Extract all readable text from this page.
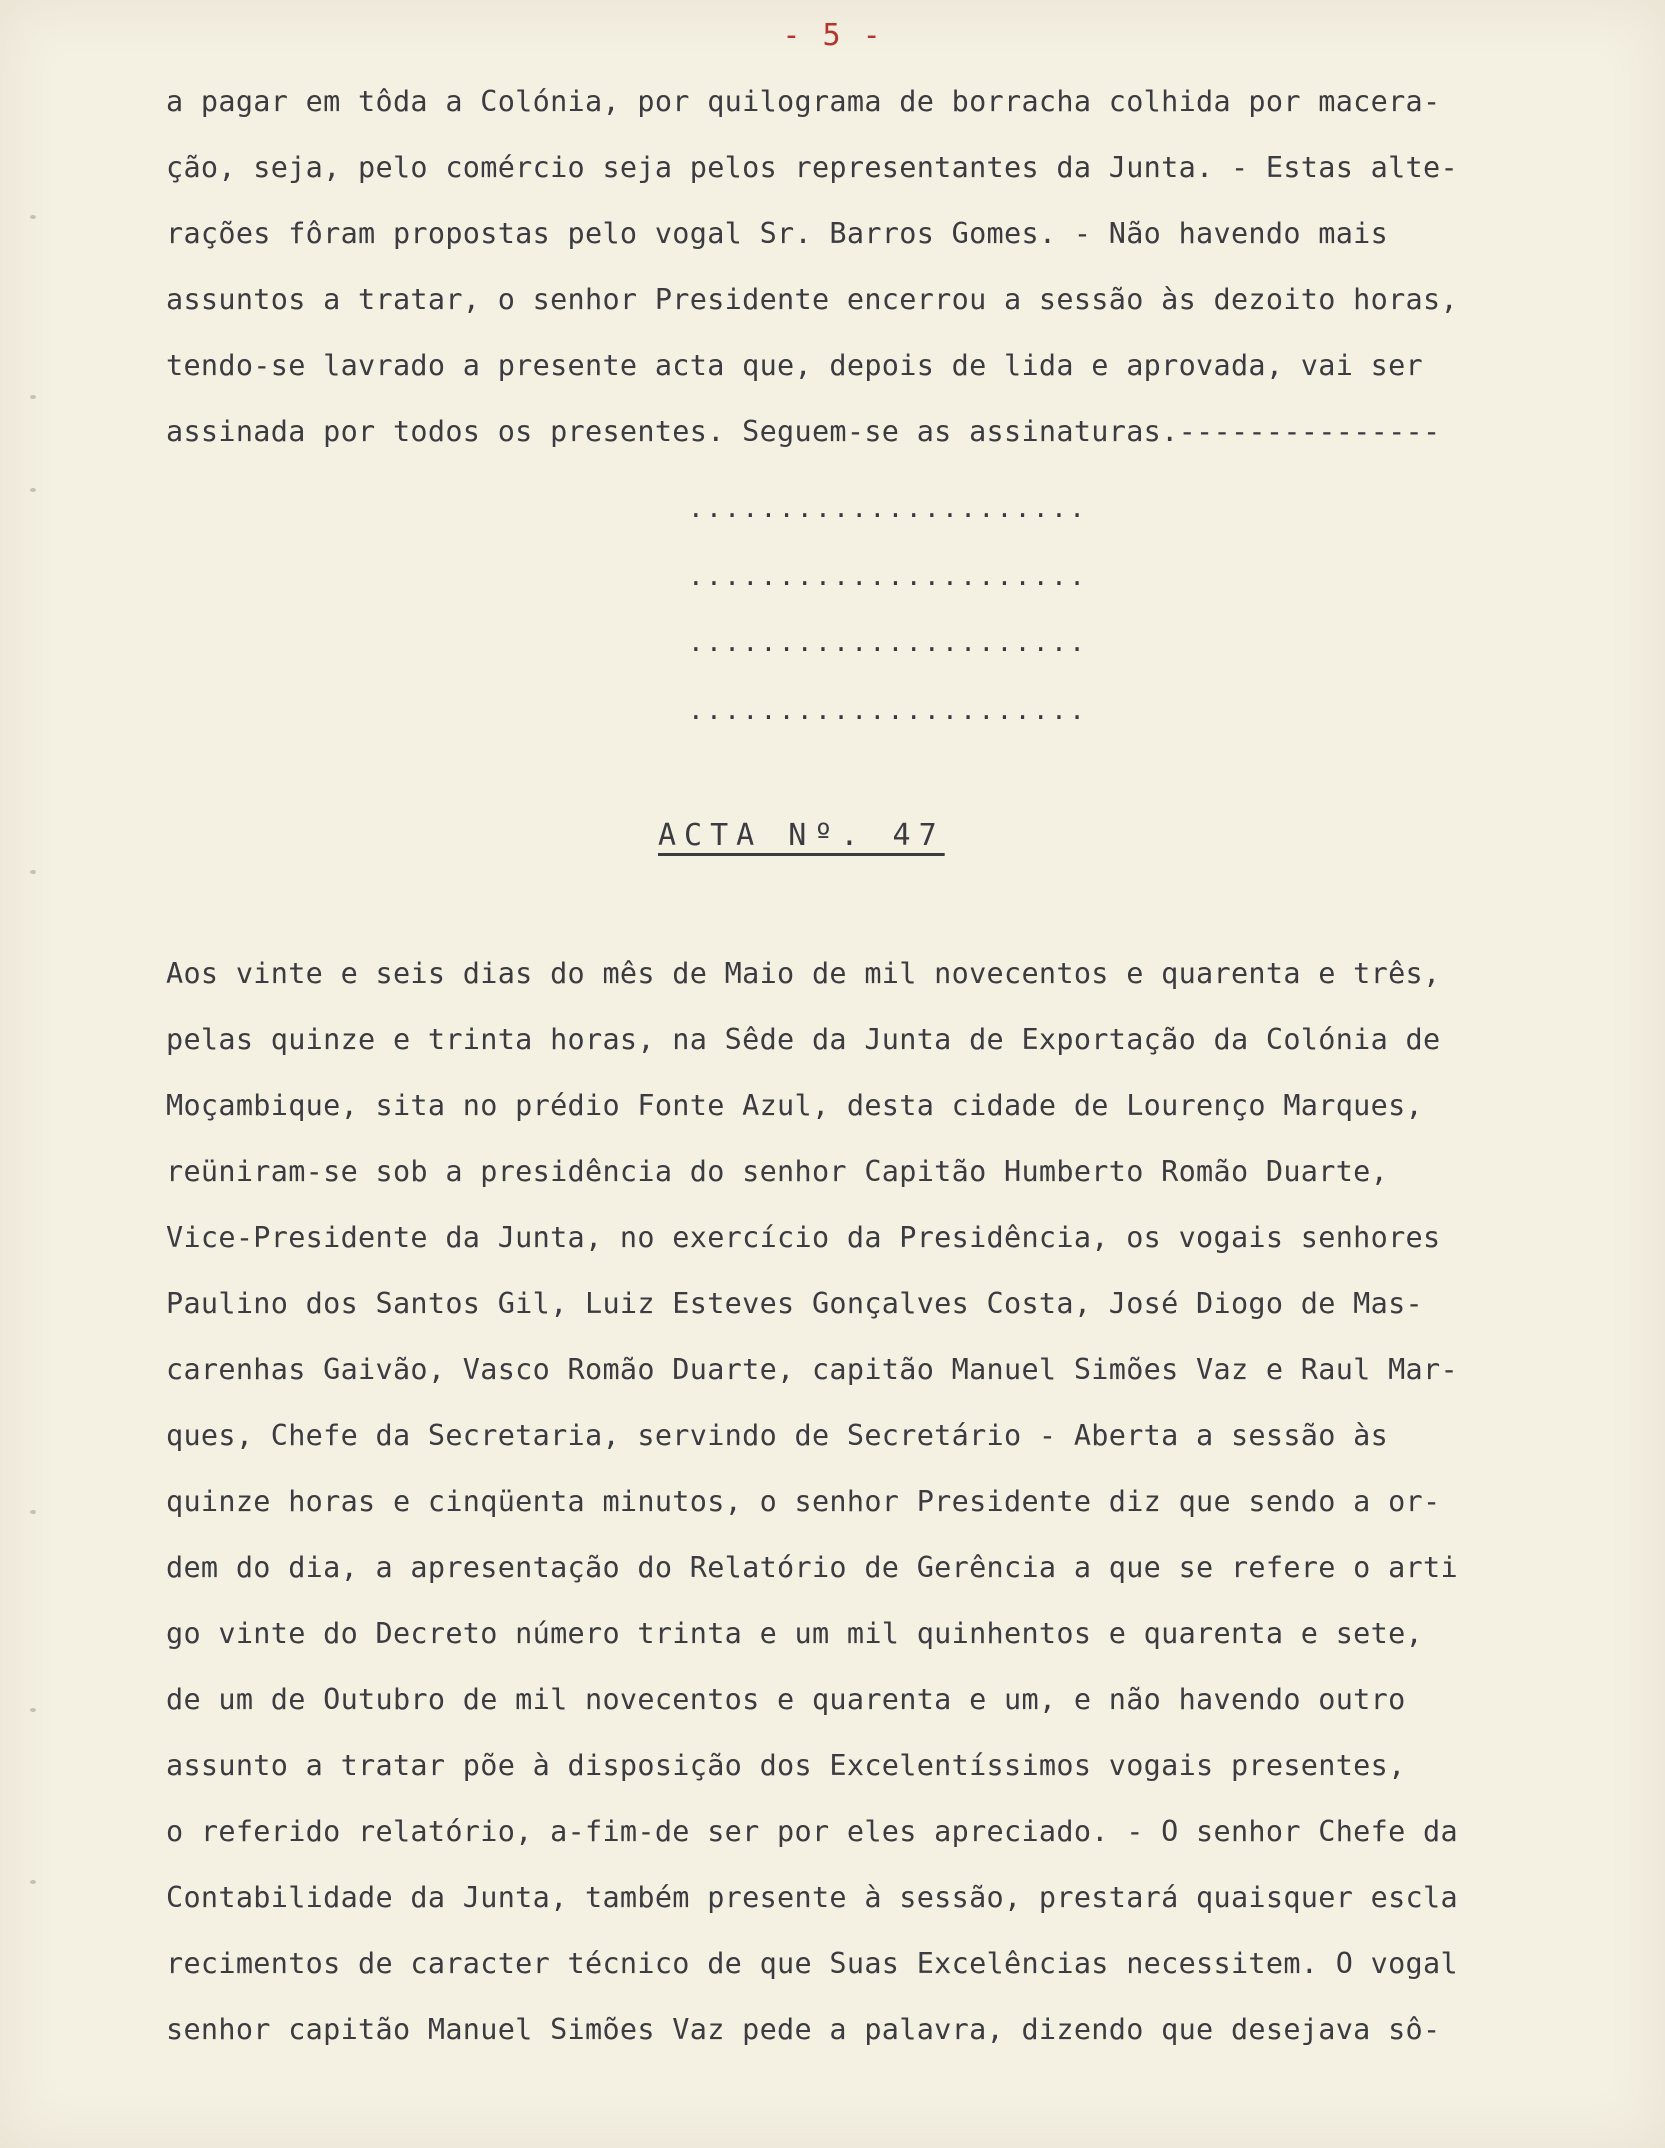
- 5 -

a pagar em tôda a Colónia, por quilograma de borracha colhida por macera-

ção, seja, pelo comércio seja pelos representantes da Junta. - Estas alte-

rações fôram propostas pelo vogal Sr. Barros Gomes. - Não havendo mais

assuntos a tratar, o senhor Presidente encerrou a sessão às dezoito horas,

tendo-se lavrado a presente acta que, depois de lida e aprovada, vai ser

assinada por todos os presentes. Seguem-se as assinaturas.---------------

......................

......................

......................

......................

ACTA Nº. 47

Aos vinte e seis dias do mês de Maio de mil novecentos e quarenta e três,

pelas quinze e trinta horas, na Sêde da Junta de Exportação da Colónia de

Moçambique, sita no prédio Fonte Azul, desta cidade de Lourenço Marques,

reüniram-se sob a presidência do senhor Capitão Humberto Romão Duarte,

Vice-Presidente da Junta, no exercício da Presidência, os vogais senhores

Paulino dos Santos Gil, Luiz Esteves Gonçalves Costa, José Diogo de Mas-

carenhas Gaivão, Vasco Romão Duarte, capitão Manuel Simões Vaz e Raul Mar-

ques, Chefe da Secretaria, servindo de Secretário - Aberta a sessão às

quinze horas e cinqüenta minutos, o senhor Presidente diz que sendo a or-

dem do dia, a apresentação do Relatório de Gerência a que se refere o arti

go vinte do Decreto número trinta e um mil quinhentos e quarenta e sete,

de um de Outubro de mil novecentos e quarenta e um, e não havendo outro

assunto a tratar põe à disposição dos Excelentíssimos vogais presentes,

o referido relatório, a-fim-de ser por eles apreciado. - O senhor Chefe da

Contabilidade da Junta, também presente à sessão, prestará quaisquer escla

recimentos de caracter técnico de que Suas Excelências necessitem. O vogal

senhor capitão Manuel Simões Vaz pede a palavra, dizendo que desejava sô-
